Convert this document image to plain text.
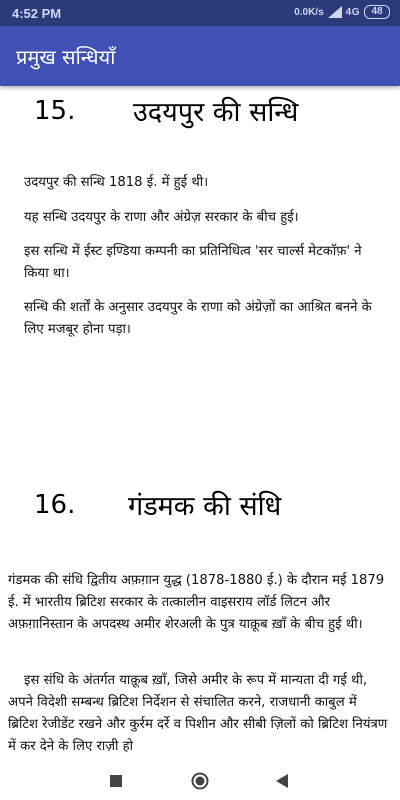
4:52 PM	0.0K/s 4G	48
प्रमुख सन्धियाँ
15. उदयपुर की सन्धि

उदयपुर की सन्धि 1818 ई. में हुई थी।

यह सन्धि उदयपुर के राणा और अंग्रेज़ सरकार के बीच हुई।

इस सन्धि में ईस्ट इण्डिया कम्पनी का प्रतिनिधित्व 'सर चार्ल्स मेटकॉफ़' ने किया था।

सन्धि की शर्तों के अनुसार उदयपुर के राणा को अंग्रेज़ों का आश्रित बनने के लिए मजबूर होना पड़ा।

16. गंडमक की संधि

गंडमक की संधि द्वितीय अफ़ग़ान युद्ध (1878-1880 ई.) के दौरान मई 1879 ई. में भारतीय ब्रिटिश सरकार के तत्कालीन वाइसराय लॉर्ड लिटन और अफ़ग़ानिस्तान के अपदस्थ अमीर शेरअली के पुत्र याक़ूब ख़ाँ के बीच हुई थी।

इस संधि के अंतर्गत याक़ूब ख़ाँ, जिसे अमीर के रूप में मान्यता दी गई थी, अपने विदेशी सम्बन्ध ब्रिटिश निर्देशन से संचालित करने, राजधानी काबुल में ब्रिटिश रेजीडेंट रखने और कुर्रम दर्रे व पिशीन और सीबी ज़िलों को ब्रिटिश नियंत्रण में कर देने के लिए राज़ी हो
